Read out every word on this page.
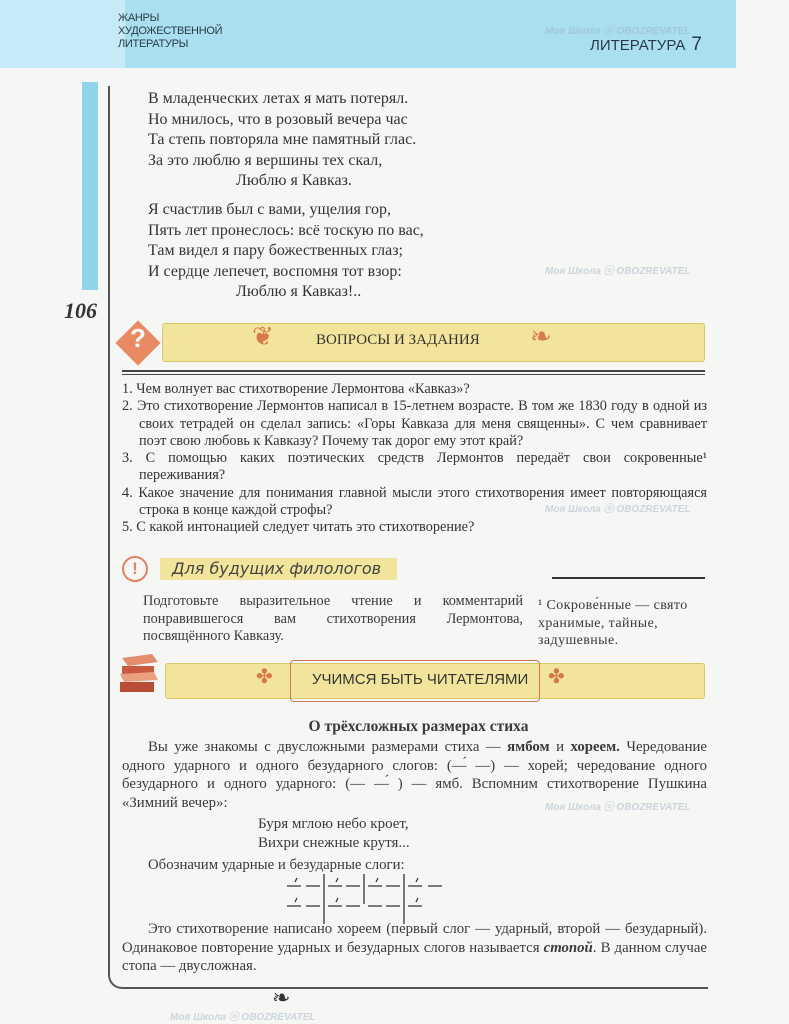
ЖАНРЫ
ХУДОЖЕСТВЕННОЙ
ЛИТЕРАТУРЫ	ЛИТЕРАТУРА 7
106
В младенческих летах я мать потерял.
Но мнилось, что в розовый вечера час
Та степь повторяла мне памятный глас.
За это люблю я вершины тех скал,
Люблю я Кавказ.
Я счастлив был с вами, ущелия гор,
Пять лет пронеслось: всё тоскую по вас,
Там видел я пару божественных глаз;
И сердце лепечет, воспомня тот взор:
Люблю я Кавказ!..
?	❦	❧
ВОПРОСЫ И ЗАДАНИЯ
1. Чем волнует вас стихотворение Лермонтова «Кавказ»?
2. Это стихотворение Лермонтов написал в 15-летнем возрасте. В том же 1830 году в одной из своих тетрадей он сделал запись: «Горы Кавказа для меня священны». С чем сравнивает поэт свою любовь к Кавказу? Почему так дорог ему этот край?
3. С помощью каких поэтических средств Лермонтов передаёт свои сокровенные¹ переживания?
4. Какое значение для понимания главной мысли этого стихотворения имеет повторяющаяся строка в конце каждой строфы?
5. С какой интонацией следует читать это стихотворение?
!	Для будущих филологов
Подготовьте выразительное чтение и комментарий понравившегося вам стихотворения Лермонтова, посвящённого Кавказу.
¹ Сокрове́нные — свято хранимые, тайные, задушевные.
✤	✤
УЧИМСЯ БЫТЬ ЧИТАТЕЛЯМИ
О трёхсложных размерах стиха
Вы уже знакомы с двусложными размерами стиха — ямбом и хореем. Чередование одного ударного и одного безударного слогов: (—́ —) — хорей; чередование одного безударного и одного ударного: (— —́ ) — ямб. Вспомним стихотворение Пушкина «Зимний вечер»:
Буря мглою небо кроет,
Вихри снежные крутя...
Обозначим ударные и безударные слоги:
Это стихотворение написано хореем (первый слог — ударный, второй — безударный). Одинаковое повторение ударных и безударных слогов называется стопой. В данном случае стопа — двусложная.
❧
Моя Школа ⓞ OBOZREVATEL
Моя Школа ⓞ OBOZREVATEL
Моя Школа ⓞ OBOZREVATEL
Моя Школа ⓞ OBOZREVATEL
Моя Школа ⓞ OBOZREVATEL
